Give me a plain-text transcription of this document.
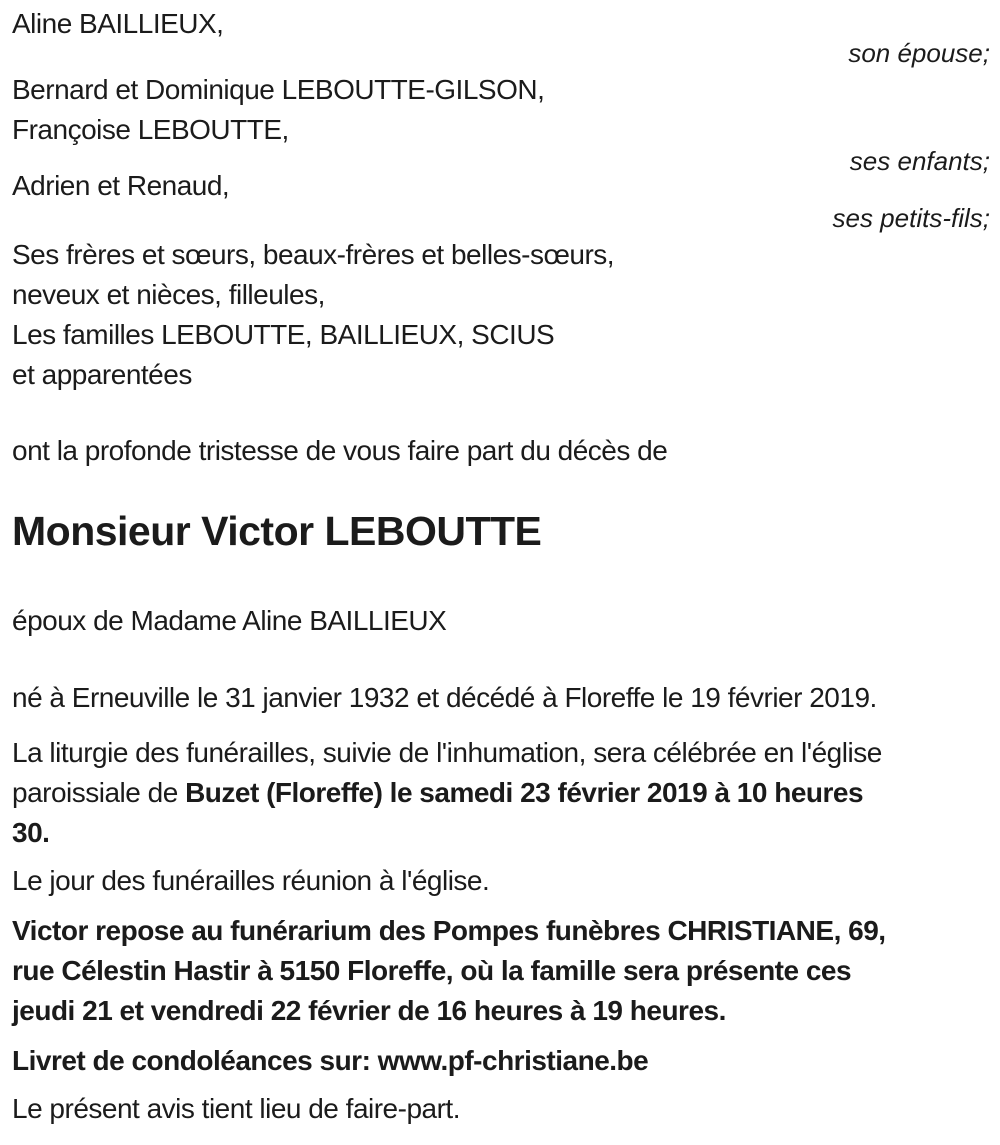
Aline BAILLIEUX,

son épouse;

Bernard et Dominique LEBOUTTE-GILSON,

Françoise LEBOUTTE,

ses enfants;

Adrien et Renaud,

ses petits-fils;

Ses frères et sœurs, beaux-frères et belles-sœurs,

neveux et nièces, filleules,

Les familles LEBOUTTE, BAILLIEUX, SCIUS

et apparentées

ont la profonde tristesse de vous faire part du décès de

Monsieur Victor LEBOUTTE

époux de Madame Aline BAILLIEUX

né à Erneuville le 31 janvier 1932 et décédé à Floreffe le 19 février 2019.

La liturgie des funérailles, suivie de l'inhumation, sera célébrée en l'église

paroissiale de Buzet (Floreffe) le samedi 23 février 2019 à 10 heures

30.

Le jour des funérailles réunion à l'église.

Victor repose au funérarium des Pompes funèbres CHRISTIANE, 69,

rue Célestin Hastir à 5150 Floreffe, où la famille sera présente ces

jeudi 21 et vendredi 22 février de 16 heures à 19 heures.

Livret de condoléances sur: www.pf-christiane.be

Le présent avis tient lieu de faire-part.
